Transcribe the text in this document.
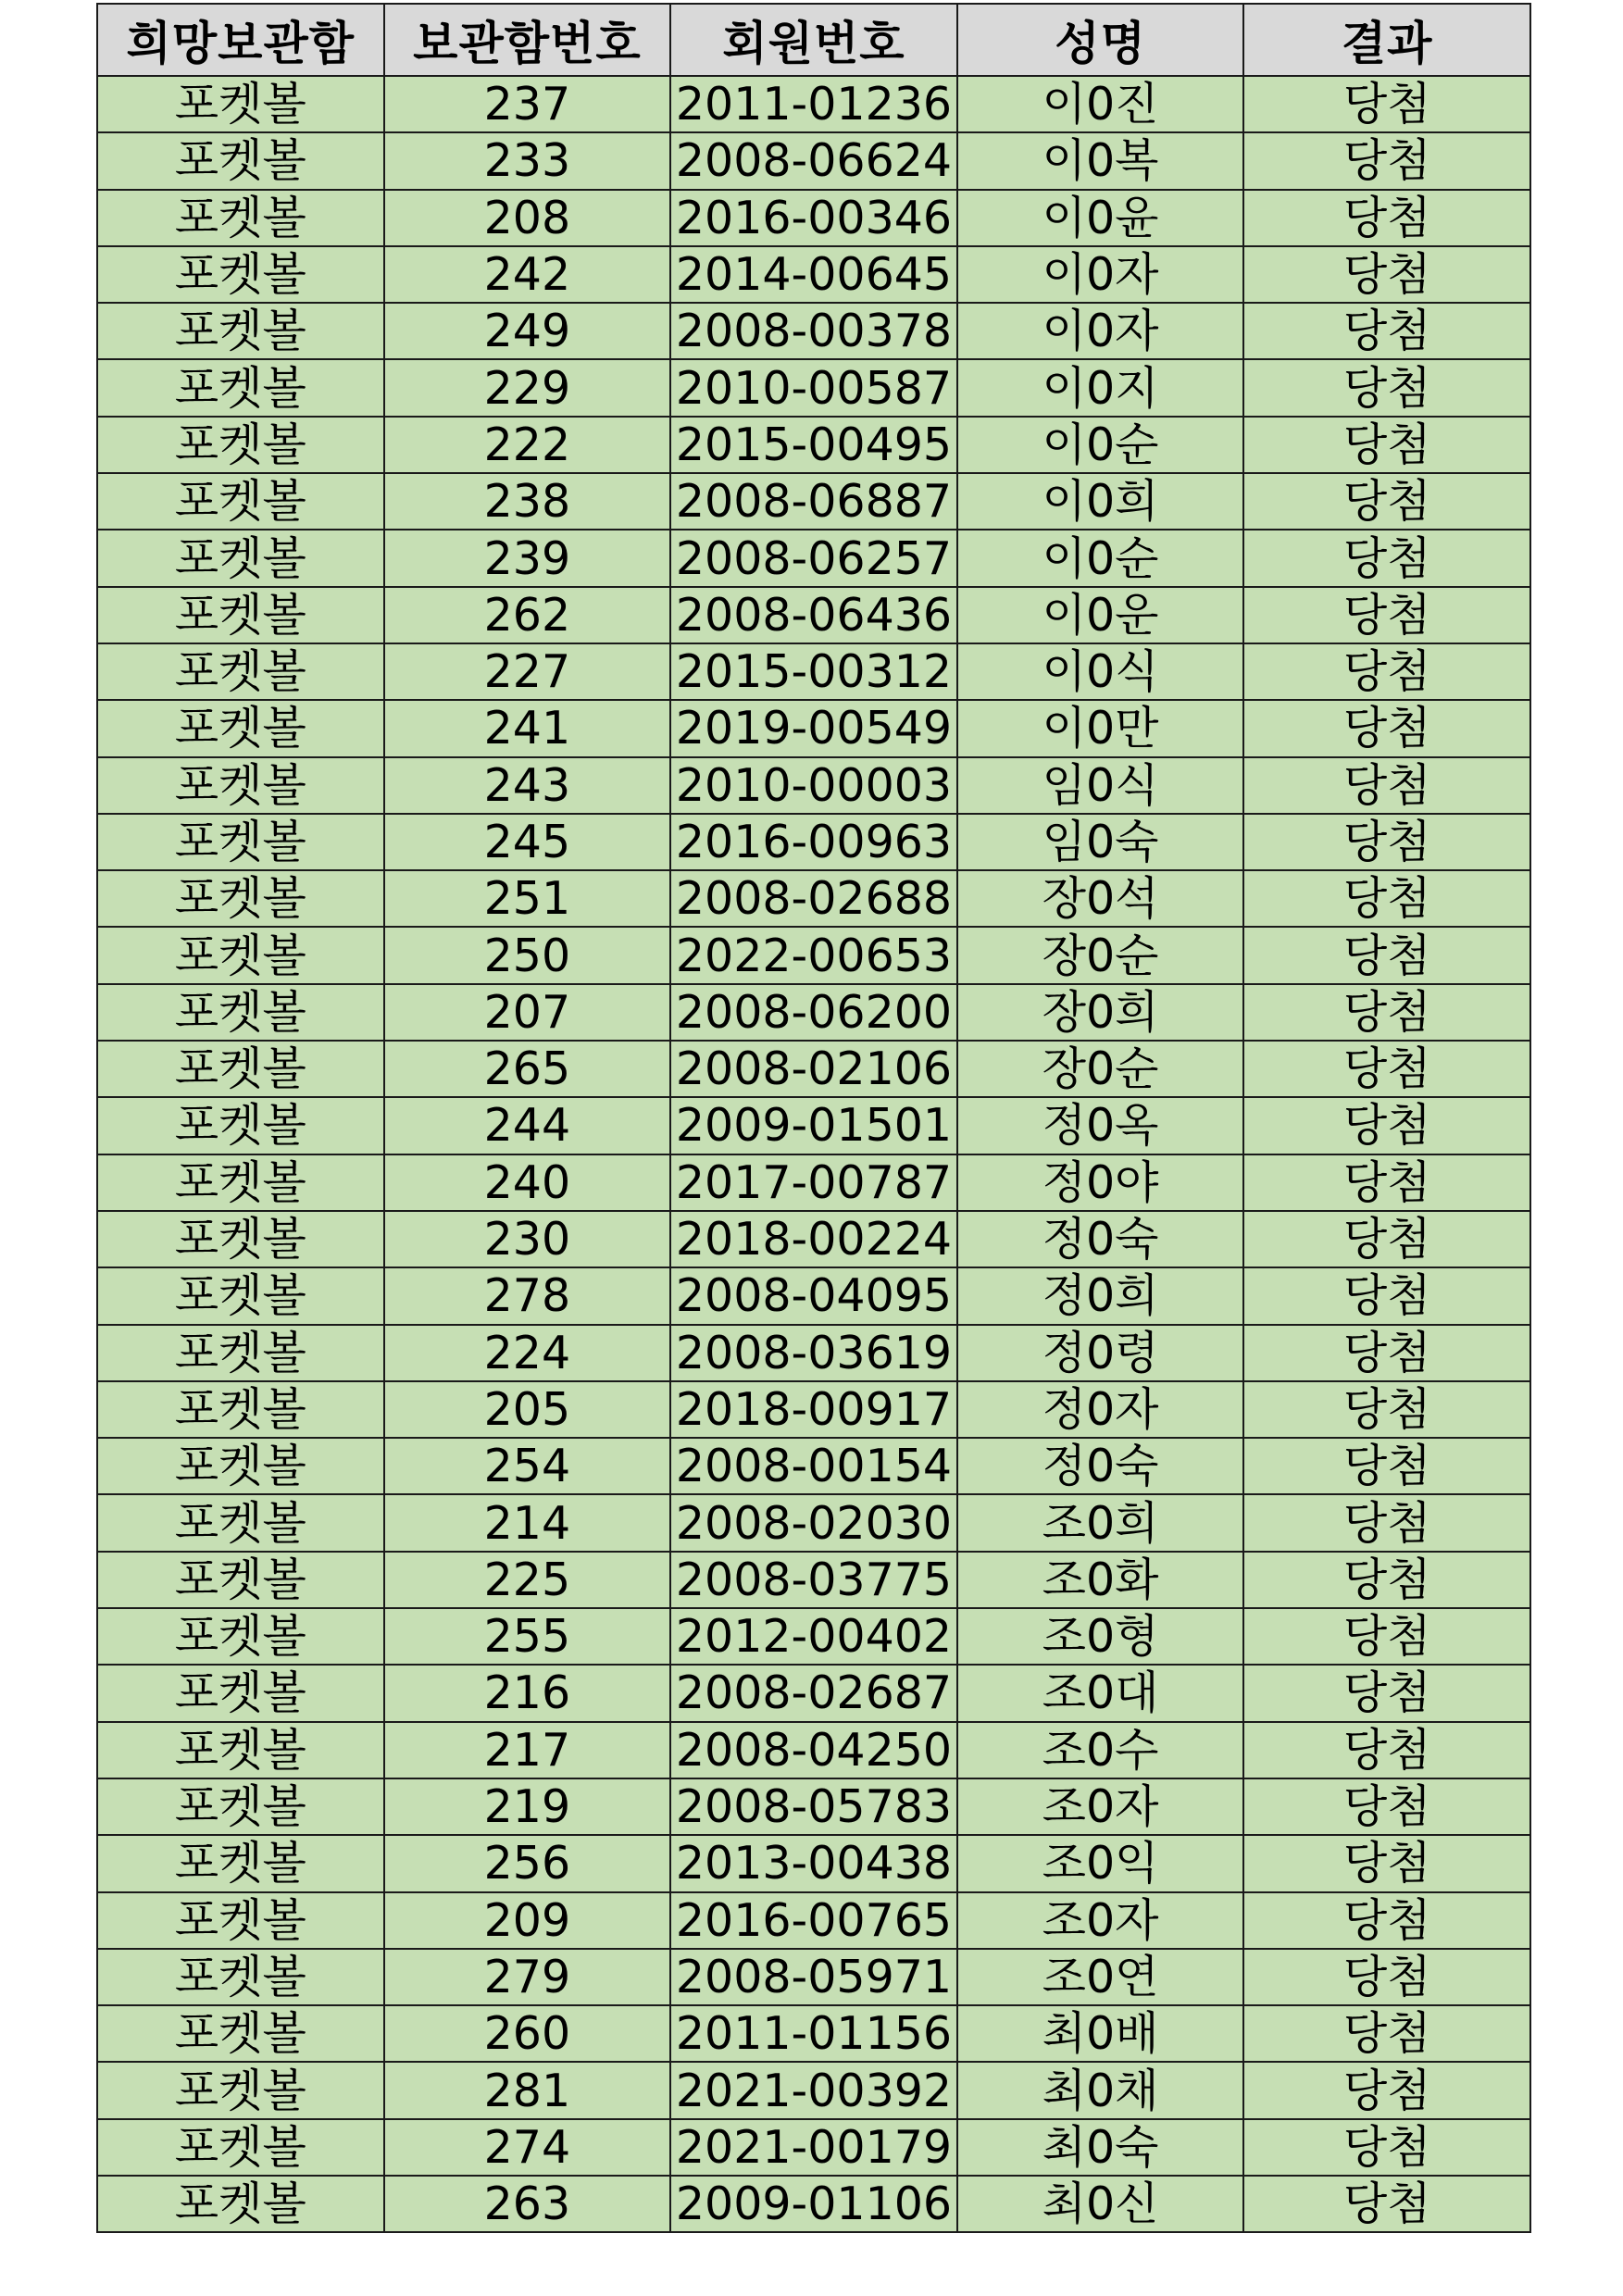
희망보관함	보관함번호	회원번호	성명	결과
포켓볼	237	2011-01236	이0진	당첨
포켓볼	233	2008-06624	이0복	당첨
포켓볼	208	2016-00346	이0윤	당첨
포켓볼	242	2014-00645	이0자	당첨
포켓볼	249	2008-00378	이0자	당첨
포켓볼	229	2010-00587	이0지	당첨
포켓볼	222	2015-00495	이0순	당첨
포켓볼	238	2008-06887	이0희	당첨
포켓볼	239	2008-06257	이0순	당첨
포켓볼	262	2008-06436	이0운	당첨
포켓볼	227	2015-00312	이0식	당첨
포켓볼	241	2019-00549	이0만	당첨
포켓볼	243	2010-00003	임0식	당첨
포켓볼	245	2016-00963	임0숙	당첨
포켓볼	251	2008-02688	장0석	당첨
포켓볼	250	2022-00653	장0순	당첨
포켓볼	207	2008-06200	장0희	당첨
포켓볼	265	2008-02106	장0순	당첨
포켓볼	244	2009-01501	정0옥	당첨
포켓볼	240	2017-00787	정0야	당첨
포켓볼	230	2018-00224	정0숙	당첨
포켓볼	278	2008-04095	정0희	당첨
포켓볼	224	2008-03619	정0령	당첨
포켓볼	205	2018-00917	정0자	당첨
포켓볼	254	2008-00154	정0숙	당첨
포켓볼	214	2008-02030	조0희	당첨
포켓볼	225	2008-03775	조0화	당첨
포켓볼	255	2012-00402	조0형	당첨
포켓볼	216	2008-02687	조0대	당첨
포켓볼	217	2008-04250	조0수	당첨
포켓볼	219	2008-05783	조0자	당첨
포켓볼	256	2013-00438	조0익	당첨
포켓볼	209	2016-00765	조0자	당첨
포켓볼	279	2008-05971	조0연	당첨
포켓볼	260	2011-01156	최0배	당첨
포켓볼	281	2021-00392	최0채	당첨
포켓볼	274	2021-00179	최0숙	당첨
포켓볼	263	2009-01106	최0신	당첨
